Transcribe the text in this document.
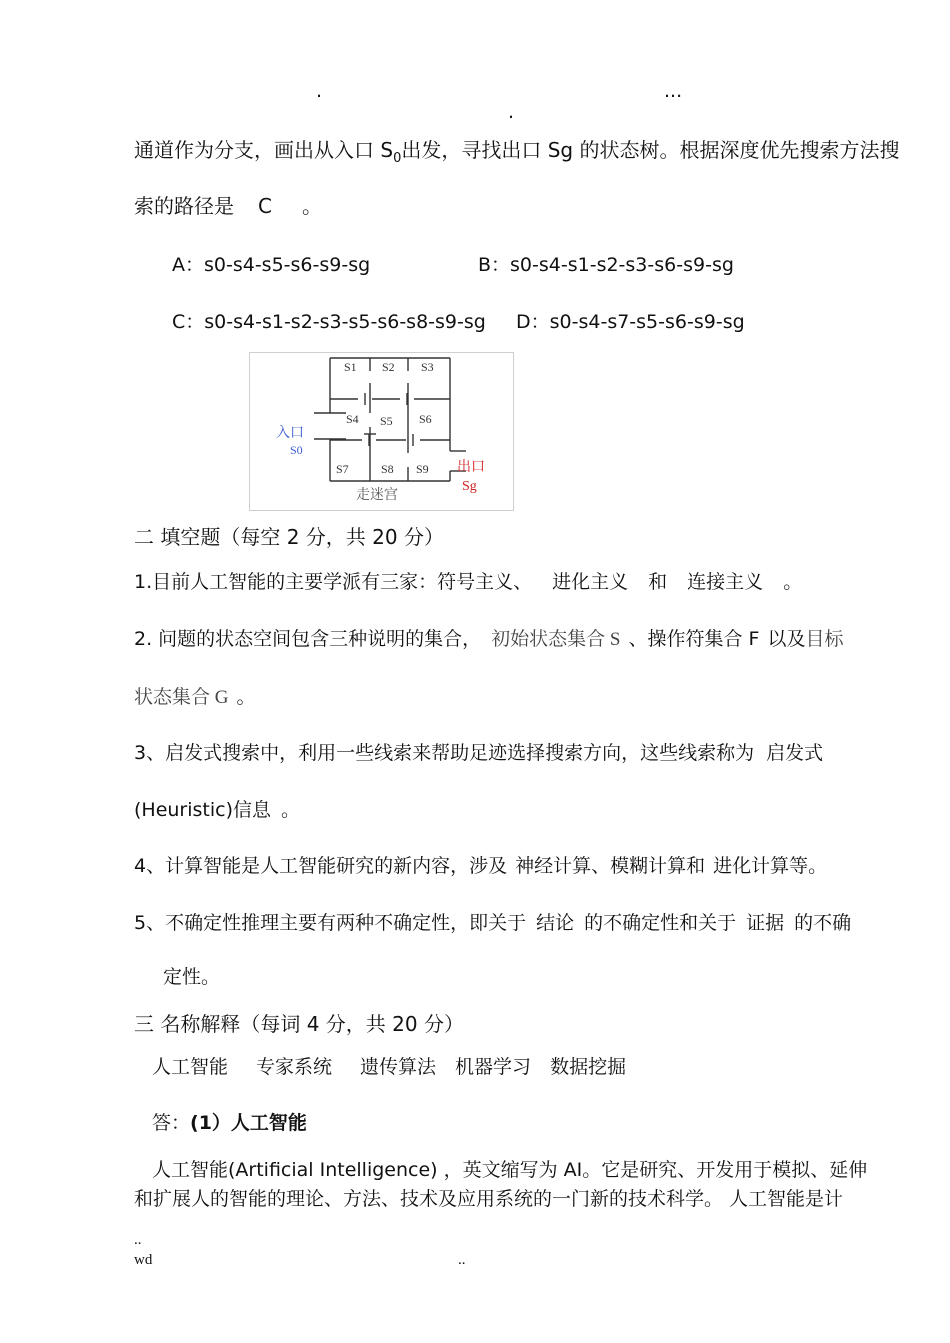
.
.
...
通道作为分支，画出从入口 $S_0$出发，寻找出口 Sg 的状态树。根据深度优先搜索方法搜
索的路径是 C 。
A：s0-s4-s5-s6-s9-sg	B：s0-s4-s1-s2-s3-s6-s9-sg
C：s0-s4-s1-s2-s3-s5-s6-s8-s9-sg D：s0-s4-s7-s5-s6-s9-sg
S1 S2 S3
S4 S5 S6
S7	S8 S9
入口
S0
出口
Sg
走迷宫
二 填空题（每空 2 分，共 20 分）
1.目前人工智能的主要学派有三家：符号主义、 进化主义 和 连接主义 。
2. 问题的状态空间包含三种说明的集合， 初始状态集合 S 、操作符集合 F 以及目标
状态集合 G 。
3、启发式搜索中，利用一些线索来帮助足迹选择搜索方向，这些线索称为 启发式
(Heuristic)信息 。
4、计算智能是人工智能研究的新内容，涉及 神经计算、模糊计算和 进化计算等。
5、不确定性推理主要有两种不确定性，即关于 结论 的不确定性和关于 证据 的不确
定性。
三 名称解释（每词 4 分，共 20 分）
人工智能 专家系统 遗传算法 机器学习 数据挖掘
答：(1）人工智能
人工智能(Artificial Intelligence) ，英文缩写为 AI。它是研究、开发用于模拟、延伸
和扩展人的智能的理论、方法、技术及应用系统的一门新的技术科学。 人工智能是计
..
wd	..
